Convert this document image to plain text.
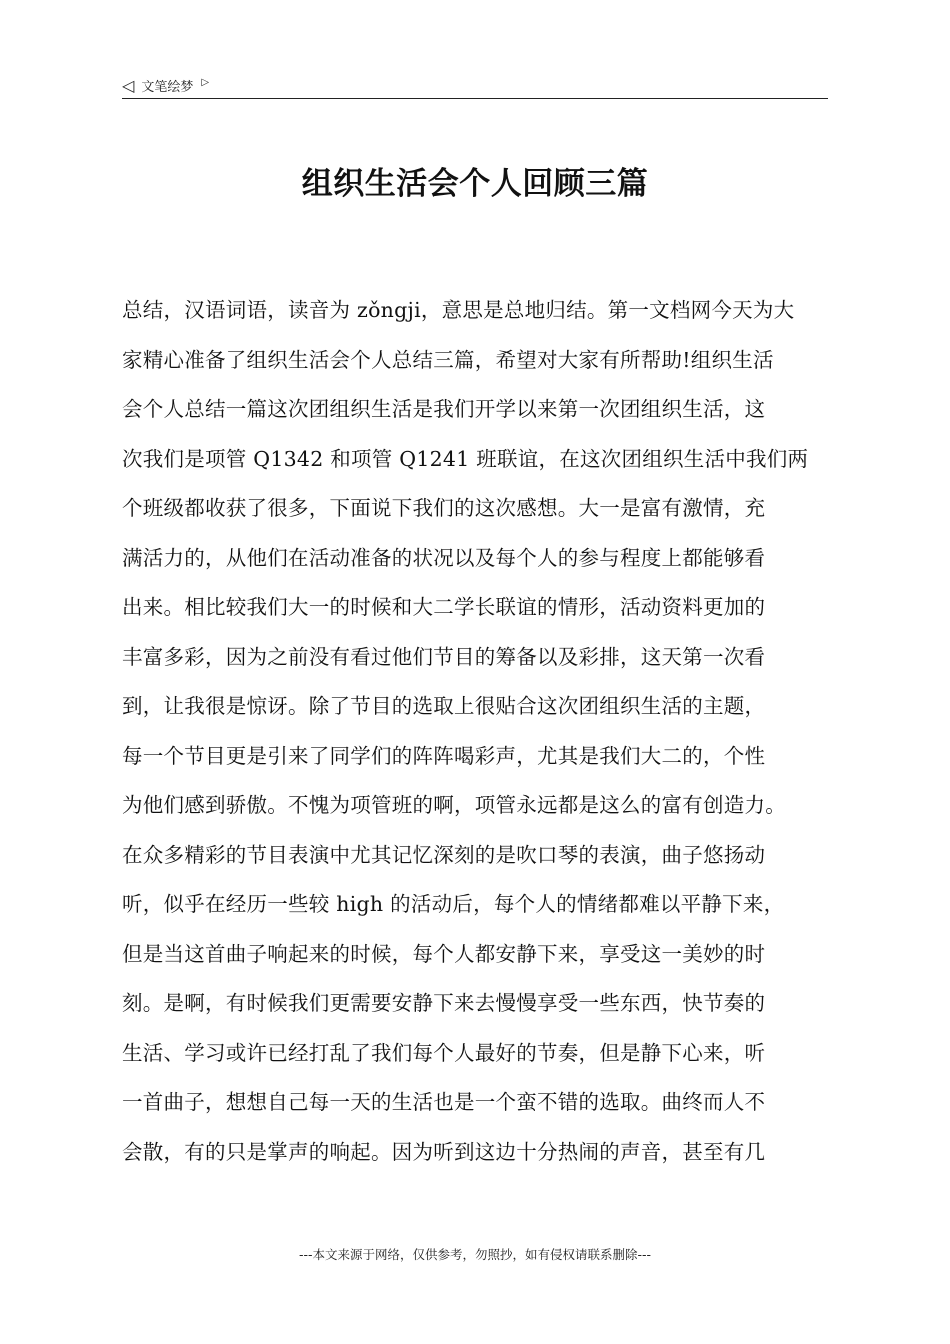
◁ 文笔绘梦 ▷
组织生活会个人回顾三篇
总结，汉语词语，读音为 zǒngji，意思是总地归结。第一文档网今天为大
家精心准备了组织生活会个人总结三篇，希望对大家有所帮助!组织生活
会个人总结一篇这次团组织生活是我们开学以来第一次团组织生活，这
次我们是项管 Q1342 和项管 Q1241 班联谊，在这次团组织生活中我们两
个班级都收获了很多，下面说下我们的这次感想。大一是富有激情，充
满活力的，从他们在活动准备的状况以及每个人的参与程度上都能够看
出来。相比较我们大一的时候和大二学长联谊的情形，活动资料更加的
丰富多彩，因为之前没有看过他们节目的筹备以及彩排，这天第一次看
到，让我很是惊讶。除了节目的选取上很贴合这次团组织生活的主题，
每一个节目更是引来了同学们的阵阵喝彩声，尤其是我们大二的，个性
为他们感到骄傲。不愧为项管班的啊，项管永远都是这么的富有创造力。
在众多精彩的节目表演中尤其记忆深刻的是吹口琴的表演，曲子悠扬动
听，似乎在经历一些较 high 的活动后，每个人的情绪都难以平静下来，
但是当这首曲子响起来的时候，每个人都安静下来，享受这一美妙的时
刻。是啊，有时候我们更需要安静下来去慢慢享受一些东西，快节奏的
生活、学习或许已经打乱了我们每个人最好的节奏，但是静下心来，听
一首曲子，想想自己每一天的生活也是一个蛮不错的选取。曲终而人不
会散，有的只是掌声的响起。因为听到这边十分热闹的声音，甚至有几
---本文来源于网络，仅供参考，勿照抄，如有侵权请联系删除---
